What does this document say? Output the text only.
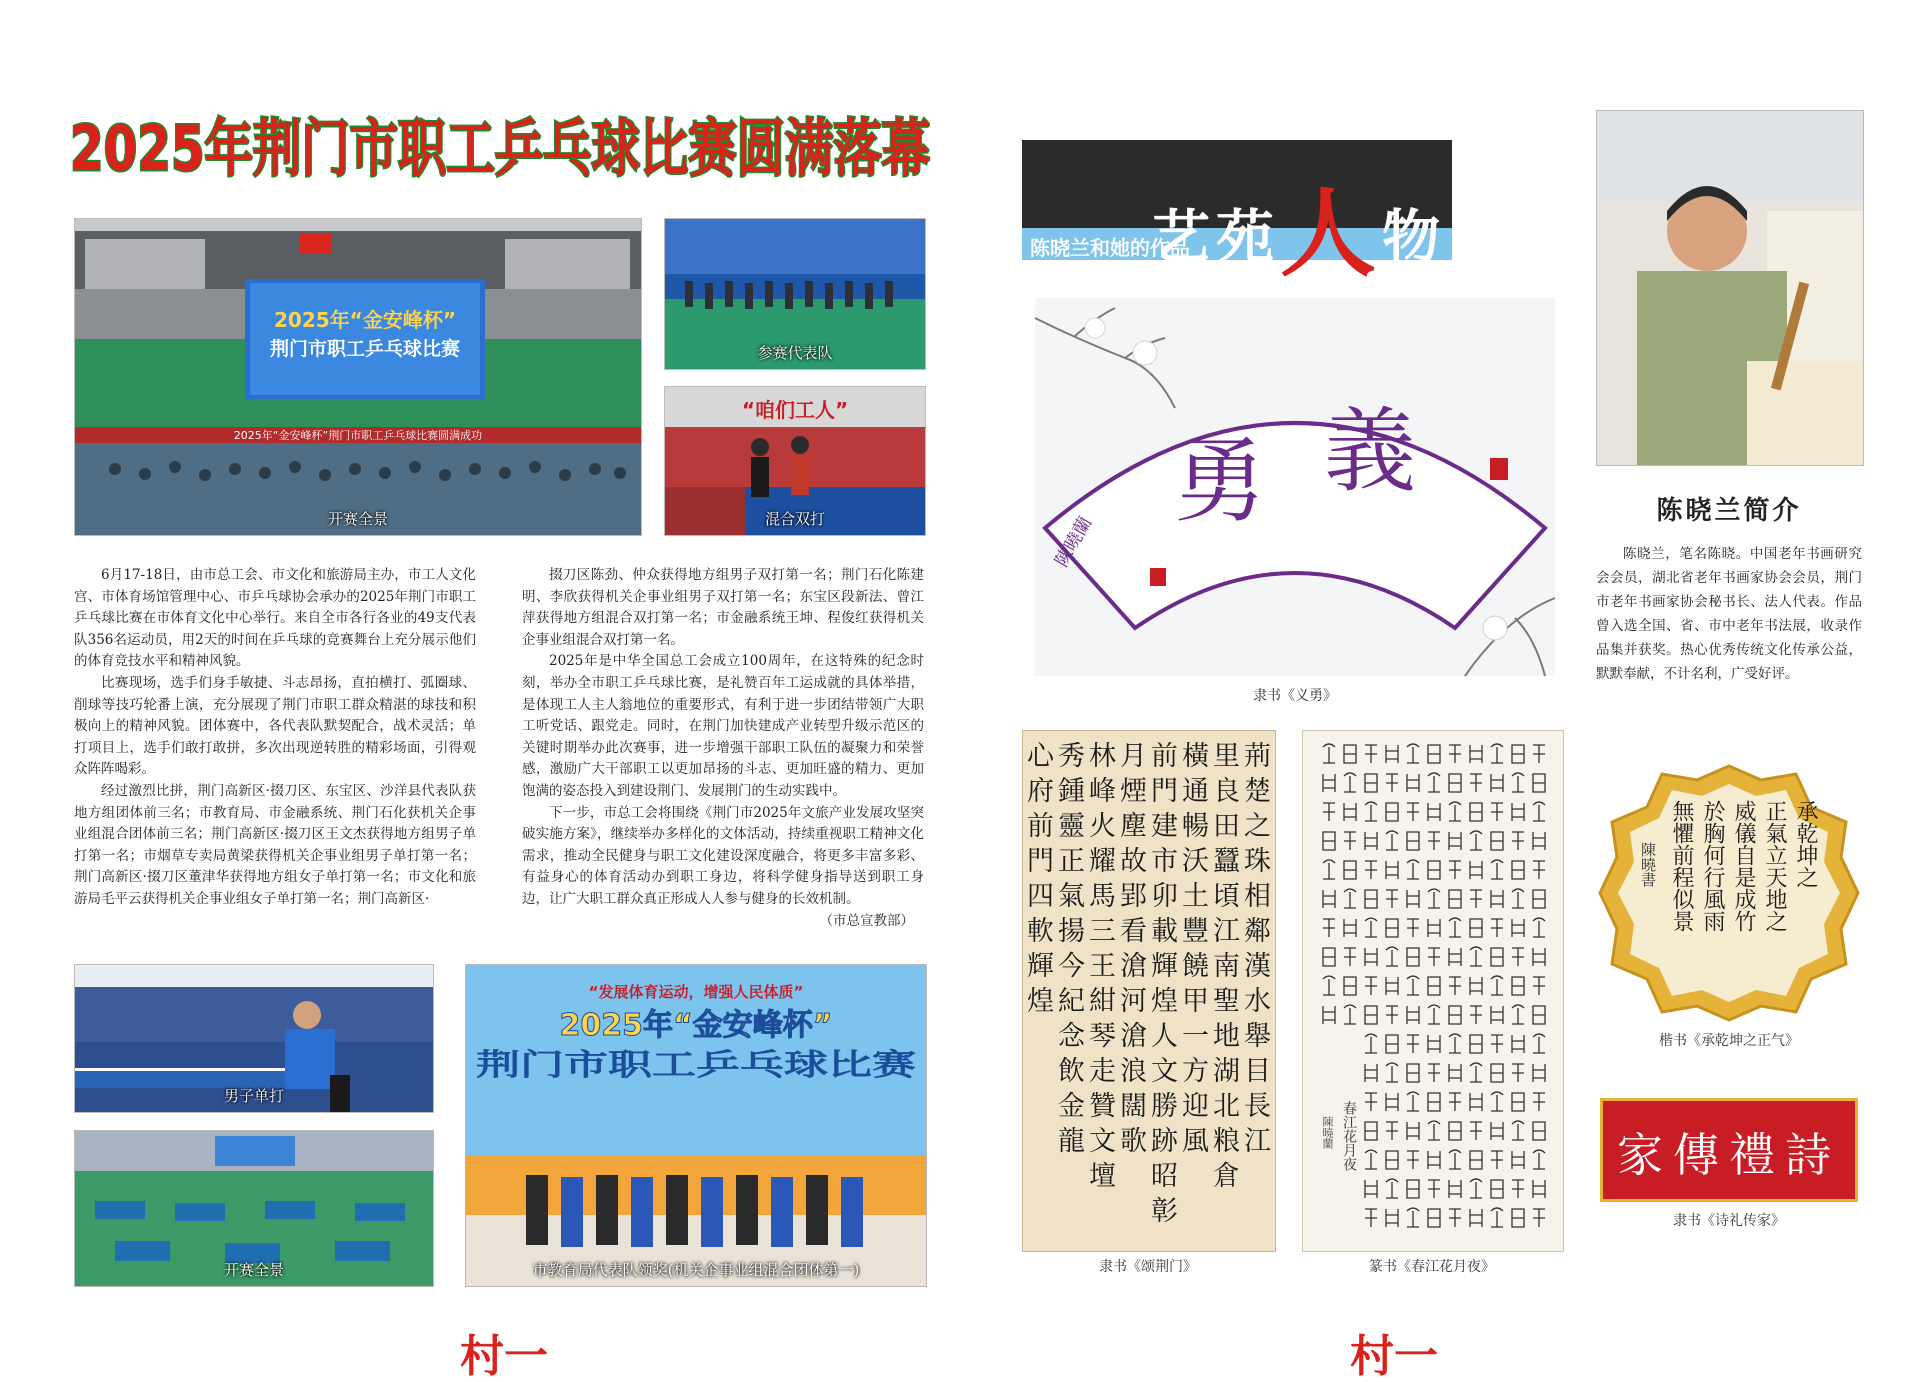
2025年荆门市职工乒乓球比赛圆满落幕
2025年“金安峰杯”
荆门市职工乒乓球比赛
2025年“金安峰杯”荆门市职工乒乓球比赛圆满成功
开赛全景
参赛代表队
“咱们工人”
混合双打

6月17-18日，由市总工会、市文化和旅游局主办，市工人文化宫、市体育场馆管理中心、市乒乓球协会承办的2025年荆门市职工乒乓球比赛在市体育文化中心举行。来自全市各行各业的49支代表队356名运动员，用2天的时间在乒乓球的竞赛舞台上充分展示他们的体育竞技水平和精神风貌。

比赛现场，选手们身手敏捷、斗志昂扬，直拍横打、弧圈球、削球等技巧轮番上演，充分展现了荆门市职工群众精湛的球技和积极向上的精神风貌。团体赛中，各代表队默契配合，战术灵活；单打项目上，选手们敢打敢拼，多次出现逆转胜的精彩场面，引得观众阵阵喝彩。

经过激烈比拼，荆门高新区·掇刀区、东宝区、沙洋县代表队获地方组团体前三名；市教育局、市金融系统、荆门石化获机关企事业组混合团体前三名；荆门高新区·掇刀区王文杰获得地方组男子单打第一名；市烟草专卖局黄梁获得机关企事业组男子单打第一名；荆门高新区·掇刀区董津华获得地方组女子单打第一名；市文化和旅游局毛平云获得机关企事业组女子单打第一名；荆门高新区·

掇刀区陈劲、仲众获得地方组男子双打第一名；荆门石化陈建明、李欣获得机关企事业组男子双打第一名；东宝区段新法、曾江萍获得地方组混合双打第一名；市金融系统王坤、程俊红获得机关企事业组混合双打第一名。

2025年是中华全国总工会成立100周年，在这特殊的纪念时刻，举办全市职工乒乓球比赛，是礼赞百年工运成就的具体举措，是体现工人主人翁地位的重要形式，有利于进一步团结带领广大职工听党话、跟党走。同时，在荆门加快建成产业转型升级示范区的关键时期举办此次赛事，进一步增强干部职工队伍的凝聚力和荣誉感，激励广大干部职工以更加昂扬的斗志、更加旺盛的精力、更加饱满的姿态投入到建设荆门、发展荆门的生动实践中。

下一步，市总工会将围绕《荆门市2025年文旅产业发展攻坚突破实施方案》，继续举办多样化的文体活动，持续重视职工精神文化需求，推动全民健身与职工文化建设深度融合，将更多丰富多彩、有益身心的体育活动办到职工身边，将科学健身指导送到职工身边，让广大职工群众真正形成人人参与健身的长效机制。

（市总宣教部）
男子单打
开赛全景
“发展体育运动，增强人民体质”
2025年“金安峰杯”
荆门市职工乒乓球比赛
市教育局代表队领奖(机关企事业组混合团体第一)
村一	村一
艺苑人物
陈晓兰和她的作品
陈晓兰简介
陈晓兰，笔名陈晓。中国老年书画研究会会员，湖北省老年书画家协会会员，荆门市老年书画家协会秘书长、法人代表。作品曾入选全国、省、市中老年书法展，收录作品集并获奖。热心优秀传统文化传承公益，默默奉献，不计名利，广受好评。
勇 義
陳曉蘭
隶书《义勇》
荊楚之珠相鄰漢水舉目長江
里良田蠶頃江南聖地湖北粮倉
橫通暢沃土豐饒甲一方迎風
前門建市卯載輝煌人文勝跡昭彰
月煙塵故郢看滄河滄浪闊歌
林峰火耀馬三王紺琴走贊文壇
秀鍾靈正氣揚今紀念飲金龍
心府前門四軟輝煌
隶书《颂荆门》
春江花月夜
陳曉蘭
篆书《春江花月夜》
承乾坤之
正氣立天地之
威儀自是成竹
於胸何行風雨
無懼前程似景
陳曉書
楷书《承乾坤之正气》
詩禮傳家
隶书《诗礼传家》
